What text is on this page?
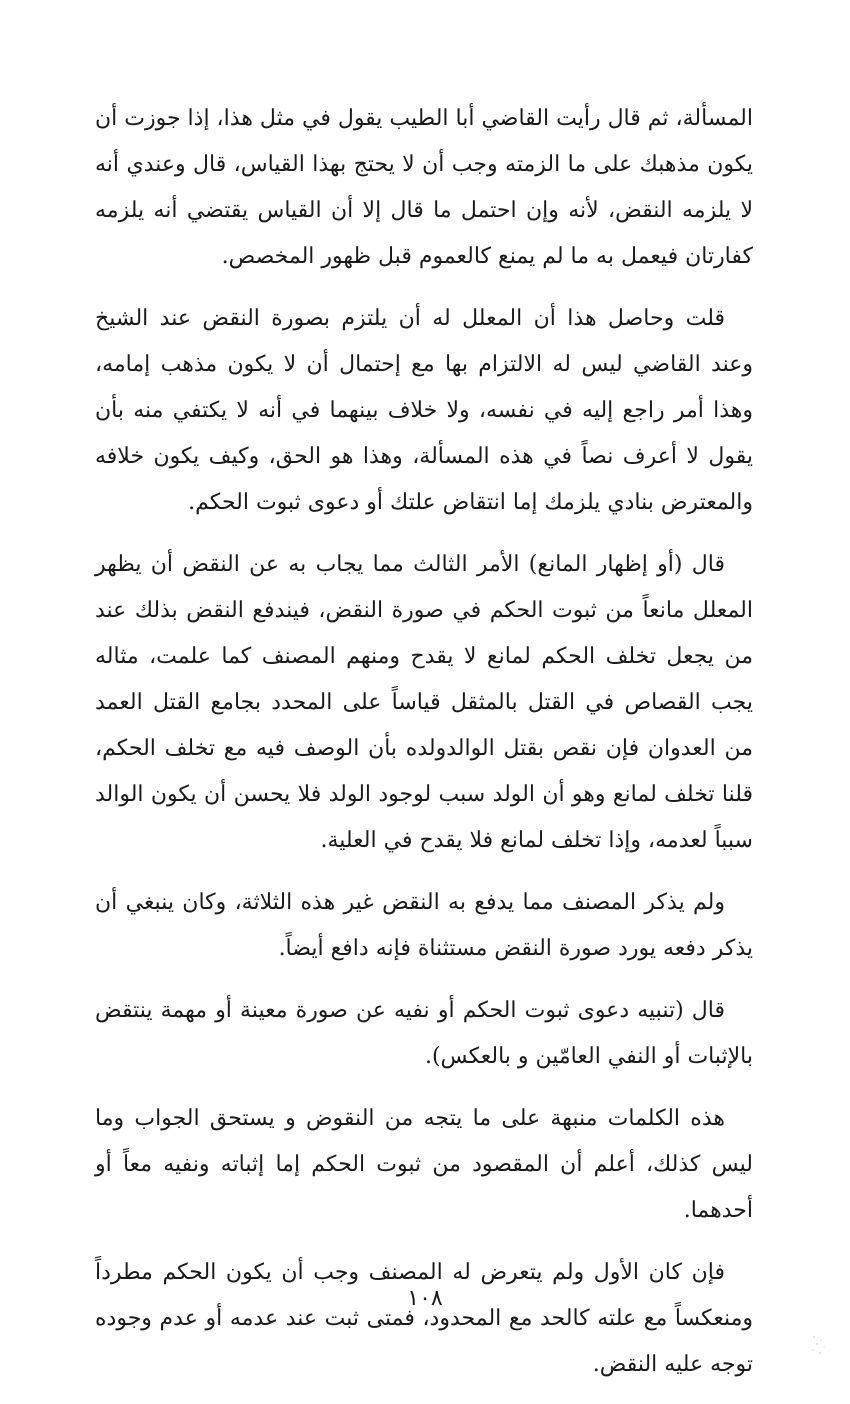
المسألة، ثم قال رأيت القاضي أبا الطيب يقول في مثل هذا، إذا جوزت أن يكون مذهبك على ما الزمته وجب أن لا يحتج بهذا القياس، قال وعندي أنه لا يلزمه النقض، لأنه وإن احتمل ما قال إلا أن القياس يقتضي أنه يلزمه كفارتان فيعمل به ما لم يمنع كالعموم قبل ظهور المخصص.

قلت وحاصل هذا أن المعلل له أن يلتزم بصورة النقض عند الشيخ وعند القاضي ليس له الالتزام بها مع إحتمال أن لا يكون مذهب إمامه، وهذا أمر راجع إليه في نفسه، ولا خلاف بينهما في أنه لا يكتفي منه بأن يقول لا أعرف نصاً في هذه المسألة، وهذا هو الحق، وكيف يكون خلافه والمعترض بنادي يلزمك إما انتقاض علتك أو دعوى ثبوت الحكم.

قال (أو إظهار المانع) الأمر الثالث مما يجاب به عن النقض أن يظهر المعلل مانعاً من ثبوت الحكم في صورة النقض، فيندفع النقض بذلك عند من يجعل تخلف الحكم لمانع لا يقدح ومنهم المصنف كما علمت، مثاله يجب القصاص في القتل بالمثقل قياساً على المحدد بجامع القتل العمد من العدوان فإن نقص بقتل الوالدولده بأن الوصف فيه مع تخلف الحكم، قلنا تخلف لمانع وهو أن الولد سبب لوجود الولد فلا يحسن أن يكون الوالد سبباً لعدمه، وإذا تخلف لمانع فلا يقدح في العلية.

ولم يذكر المصنف مما يدفع به النقض غير هذه الثلاثة، وكان ينبغي أن يذكر دفعه يورد صورة النقض مستثناة فإنه دافع أيضاً.

قال (تنبيه دعوى ثبوت الحكم أو نفيه عن صورة معينة أو مهمة ينتقض بالإثبات أو النفي العامّين و بالعكس).

هذه الكلمات منبهة على ما يتجه من النقوض و يستحق الجواب وما ليس كذلك، أعلم أن المقصود من ثبوت الحكم إما إثباته ونفيه معاً أو أحدهما.

فإن كان الأول ولم يتعرض له المصنف وجب أن يكون الحكم مطرداً ومنعكساً مع علته كالحد مع المحدود، فمتى ثبت عند عدمه أو عدم وجوده توجه عليه النقض.

١٠٨
